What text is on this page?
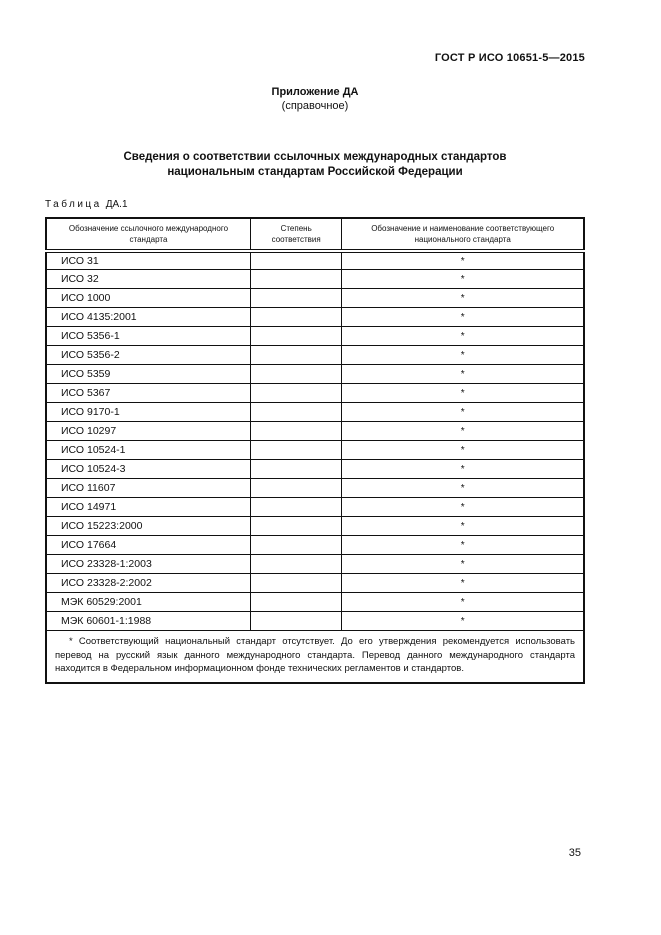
ГОСТ Р ИСО 10651-5—2015
Приложение ДА
(справочное)
Сведения о соответствии ссылочных международных стандартов национальным стандартам Российской Федерации
Таблица ДА.1
Обозначение ссылочного международного стандарта	Степень соответствия	Обозначение и наименование соответствующего национального стандарта
ИСО 31		*
ИСО 32		*
ИСО 1000		*
ИСО 4135:2001		*
ИСО 5356-1		*
ИСО 5356-2		*
ИСО 5359		*
ИСО 5367		*
ИСО 9170-1		*
ИСО 10297		*
ИСО 10524-1		*
ИСО 10524-3		*
ИСО 11607		*
ИСО 14971		*
ИСО 15223:2000		*
ИСО 17664		*
ИСО 23328-1:2003		*
ИСО 23328-2:2002		*
МЭК 60529:2001		*
МЭК 60601-1:1988		*
* Соответствующий национальный стандарт отсутствует. До его утверждения рекомендуется использовать перевод на русский язык данного международного стандарта. Перевод данного международного стандарта находится в Федеральном информационном фонде технических регламентов и стандартов.		
35
